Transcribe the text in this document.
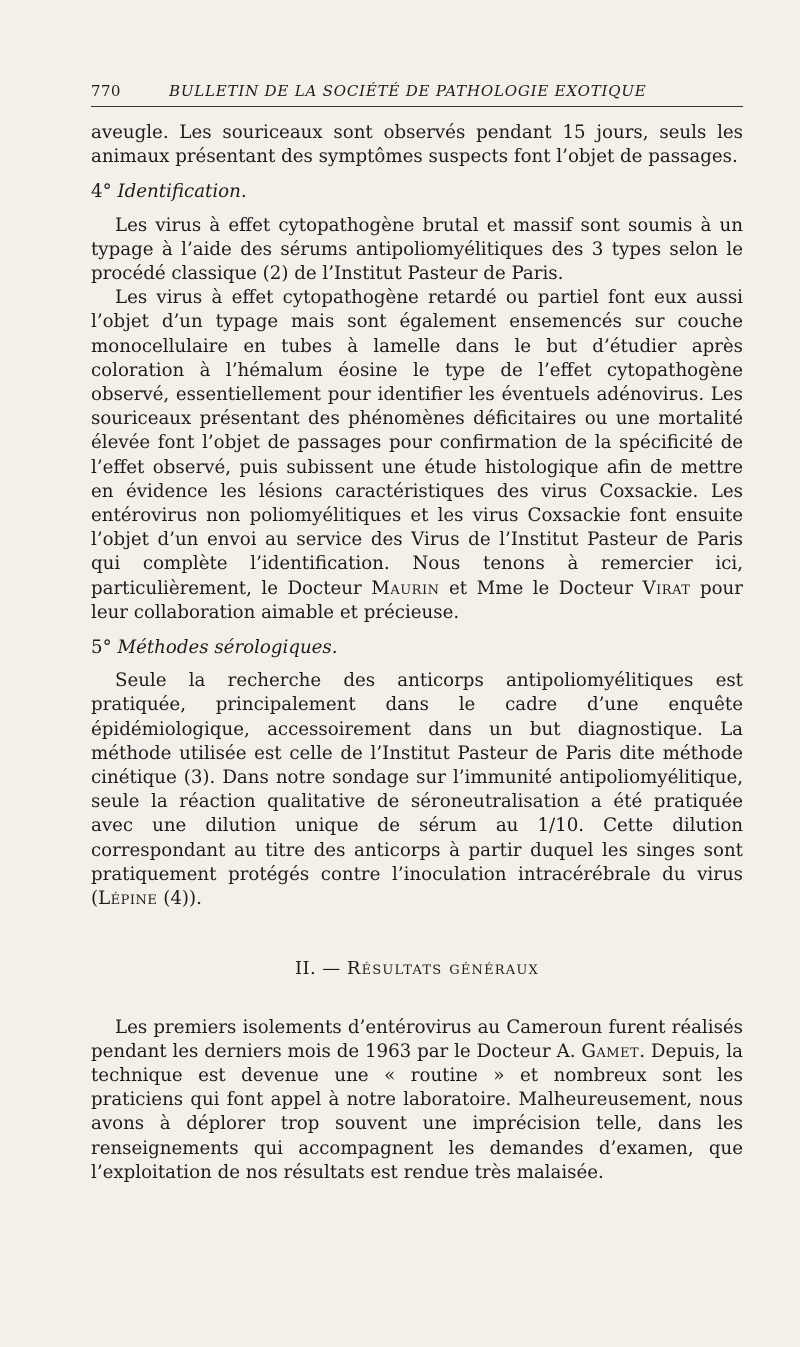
770	BULLETIN DE LA SOCIÉTÉ DE PATHOLOGIE EXOTIQUE

aveugle. Les souriceaux sont observés pendant 15 jours, seuls les animaux présentant des symptômes suspects font l’objet de passages.

4° Identification.

Les virus à effet cytopathogène brutal et massif sont soumis à un typage à l’aide des sérums antipoliomyélitiques des 3 types selon le procédé classique (2) de l’Institut Pasteur de Paris.

Les virus à effet cytopathogène retardé ou partiel font eux aussi l’objet d’un typage mais sont également ensemencés sur couche monocellulaire en tubes à lamelle dans le but d’étudier après coloration à l’hémalum éosine le type de l’effet cytopathogène observé, essentiellement pour identifier les éventuels adénovirus. Les souriceaux présentant des phénomènes déficitaires ou une mortalité élevée font l’objet de passages pour confirmation de la spécificité de l’effet observé, puis subissent une étude histologique afin de mettre en évidence les lésions caractéristiques des virus Coxsackie. Les entérovirus non poliomyélitiques et les virus Coxsackie font ensuite l’objet d’un envoi au service des Virus de l’Institut Pasteur de Paris qui complète l’identification. Nous tenons à remercier ici, particulièrement, le Docteur Maurin et Mme le Docteur Virat pour leur collaboration aimable et précieuse.

5° Méthodes sérologiques.

Seule la recherche des anticorps antipoliomyélitiques est pratiquée, principalement dans le cadre d’une enquête épidémiologique, accessoirement dans un but diagnostique. La méthode utilisée est celle de l’Institut Pasteur de Paris dite méthode cinétique (3). Dans notre sondage sur l’immunité antipoliomyélitique, seule la réaction qualitative de séroneutralisation a été pratiquée avec une dilution unique de sérum au 1/10. Cette dilution correspondant au titre des anticorps à partir duquel les singes sont pratiquement protégés contre l’inoculation intracérébrale du virus (Lépine (4)).

II. — Résultats généraux

Les premiers isolements d’entérovirus au Cameroun furent réalisés pendant les derniers mois de 1963 par le Docteur A. Gamet. Depuis, la technique est devenue une « routine » et nombreux sont les praticiens qui font appel à notre laboratoire. Malheureusement, nous avons à déplorer trop souvent une imprécision telle, dans les renseignements qui accompagnent les demandes d’examen, que l’exploitation de nos résultats est rendue très malaisée.
